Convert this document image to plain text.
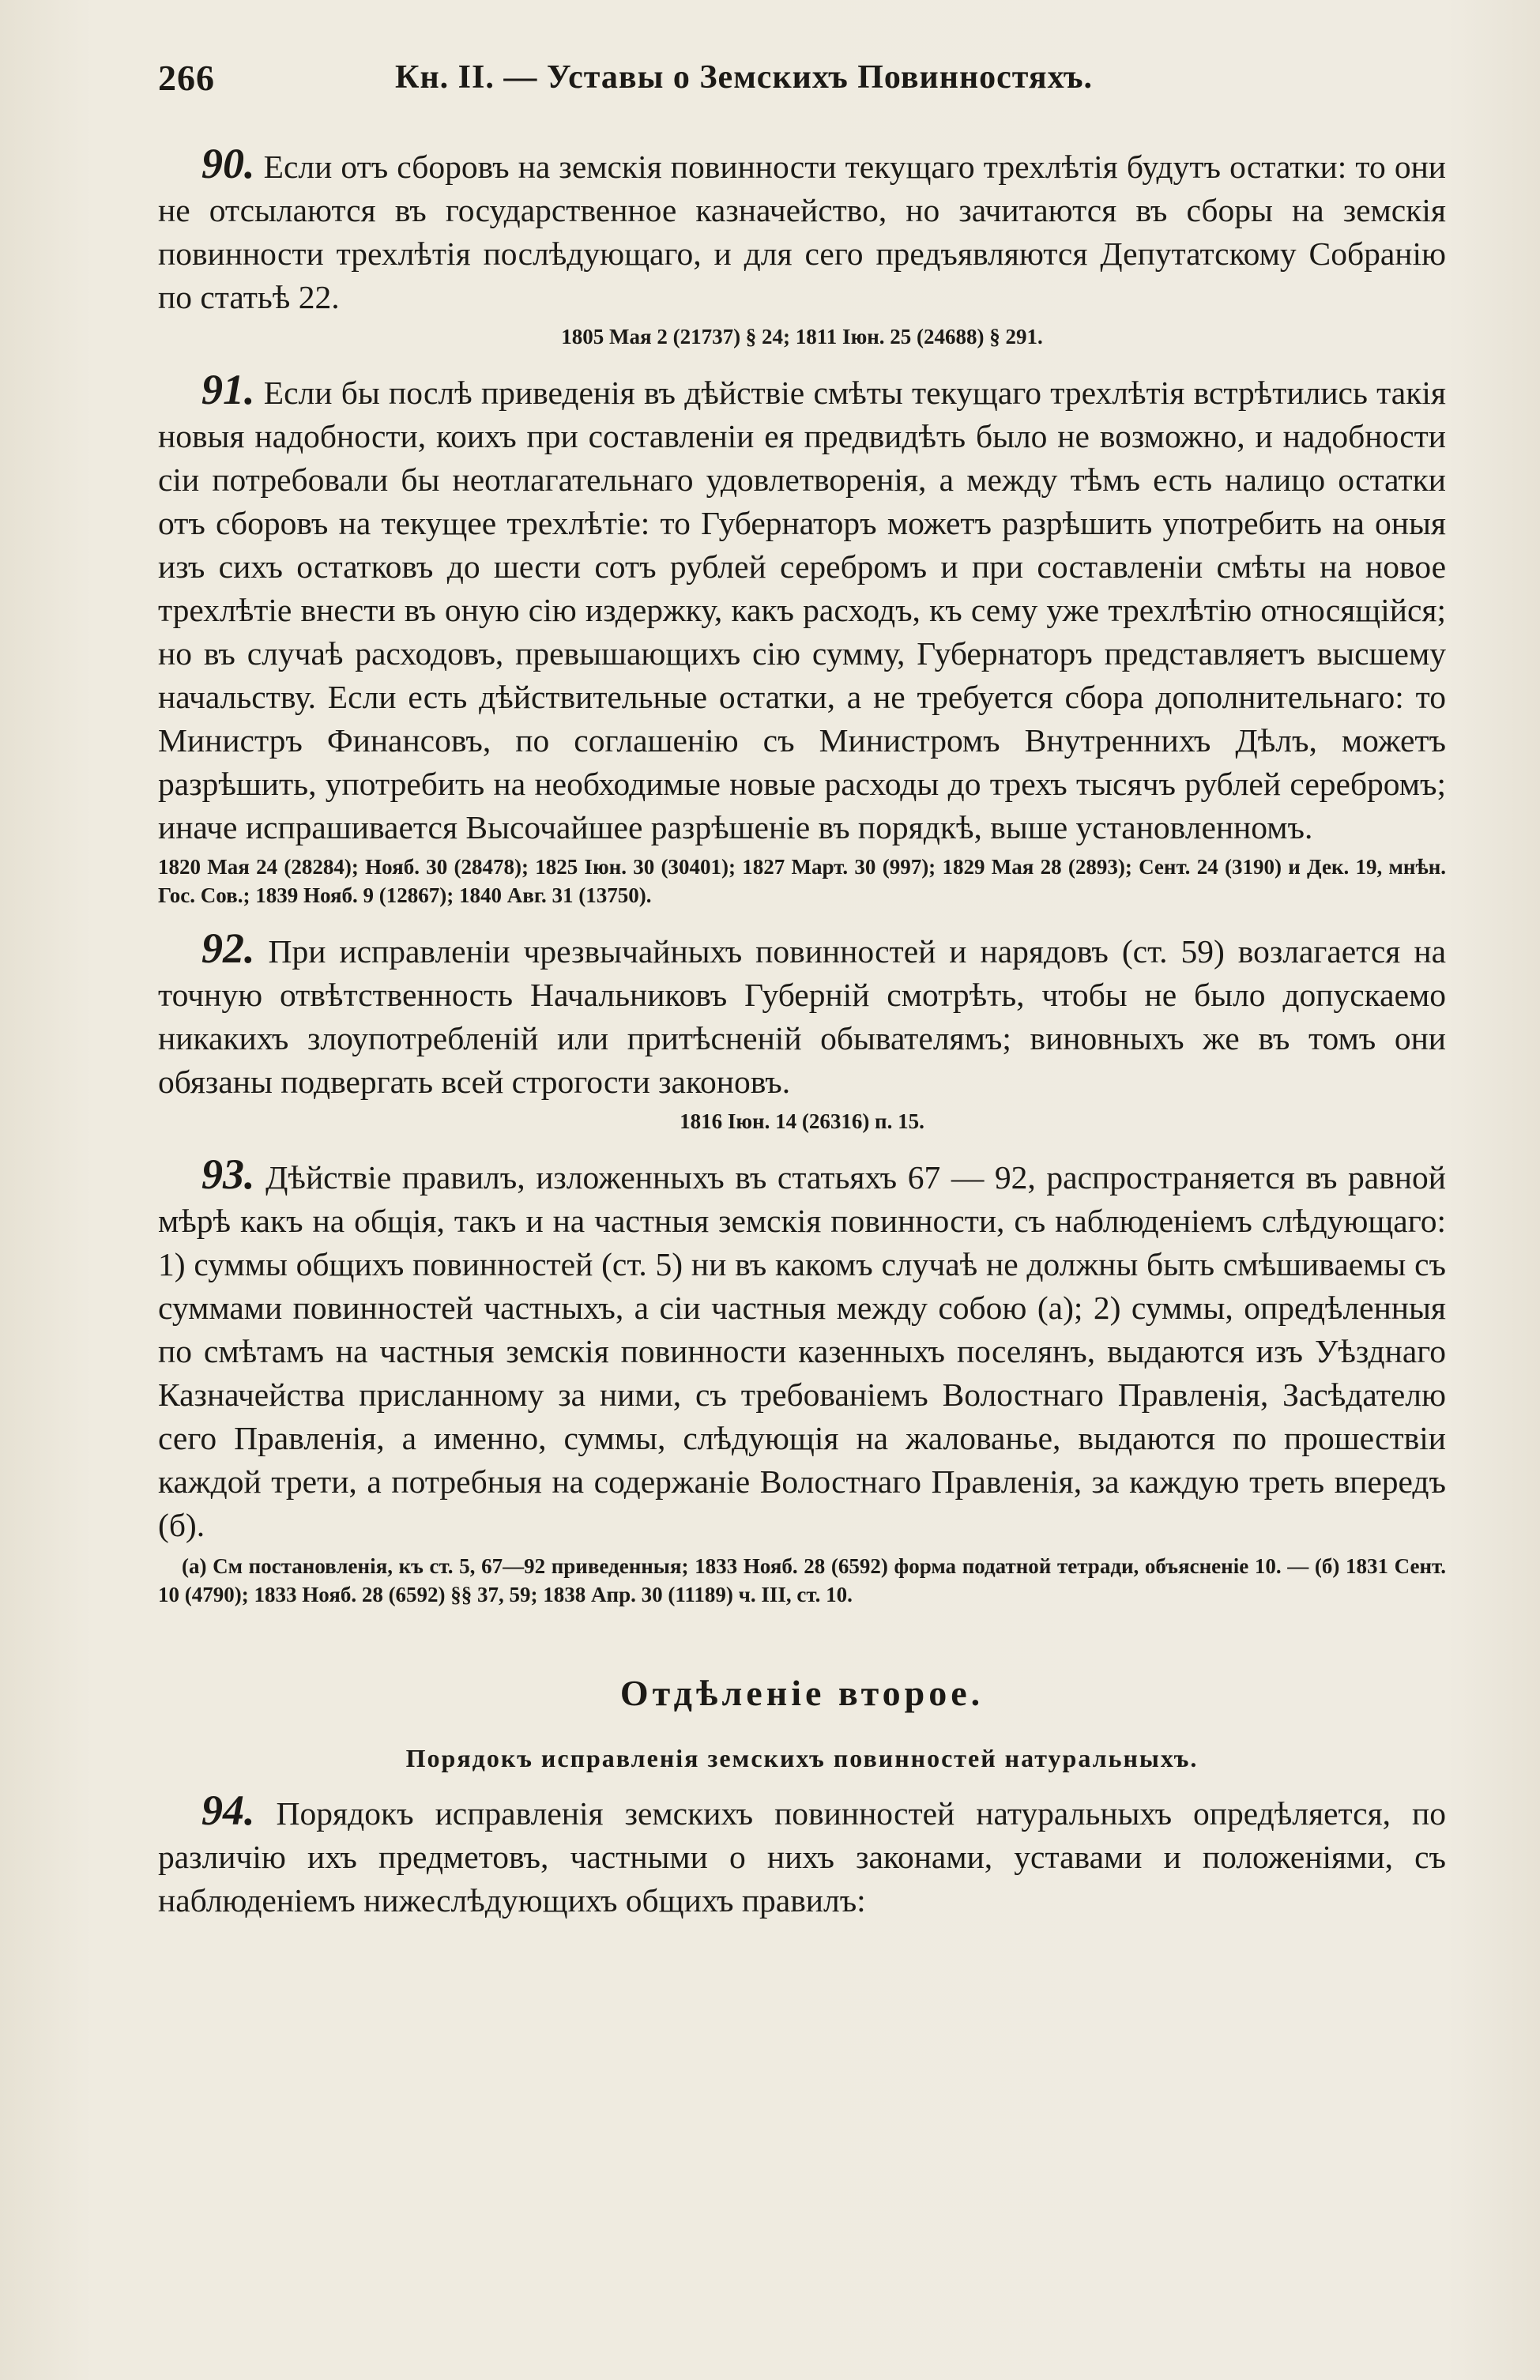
266	Кн. II. — Уставы о Земскихъ Повинностяхъ.

90. Если отъ сборовъ на земскія повинности текущаго трехлѣтія будутъ остатки: то они не отсылаются въ государственное казначейство, но зачитаются въ сборы на земскія повинности трехлѣтія послѣдующаго, и для сего предъявляются Депутатскому Собранію по статьѣ 22.

1805 Мая 2 (21737) § 24; 1811 Іюн. 25 (24688) § 291.

91. Если бы послѣ приведенія въ дѣйствіе смѣты текущаго трехлѣтія встрѣтились такія новыя надобности, коихъ при составленіи ея предвидѣть было не возможно, и надобности сіи потребовали бы неотлагательнаго удовлетворенія, а между тѣмъ есть налицо остатки отъ сборовъ на текущее трехлѣтіе: то Губернаторъ можетъ разрѣшить употребить на оныя изъ сихъ остатковъ до шести сотъ рублей серебромъ и при составленіи смѣты на новое трехлѣтіе внести въ оную сію издержку, какъ расходъ, къ сему уже трехлѣтію относящійся; но въ случаѣ расходовъ, превышающихъ сію сумму, Губернаторъ представляетъ высшему начальству. Если есть дѣйствительные остатки, а не требуется сбора дополнительнаго: то Министръ Финансовъ, по соглашенію съ Министромъ Внутреннихъ Дѣлъ, можетъ разрѣшить, употребить на необходимые новые расходы до трехъ тысячъ рублей серебромъ; иначе испрашивается Высочайшее разрѣшеніе въ порядкѣ, выше установленномъ.

1820 Мая 24 (28284); Нояб. 30 (28478); 1825 Іюн. 30 (30401); 1827 Март. 30 (997); 1829 Мая 28 (2893); Сент. 24 (3190) и Дек. 19, мнѣн. Гос. Сов.; 1839 Нояб. 9 (12867); 1840 Авг. 31 (13750).

92. При исправленіи чрезвычайныхъ повинностей и нарядовъ (ст. 59) возлагается на точную отвѣтственность Начальниковъ Губерній смотрѣть, чтобы не было допускаемо никакихъ злоупотребленій или притѣсненій обывателямъ; виновныхъ же въ томъ они обязаны подвергать всей строгости законовъ.

1816 Іюн. 14 (26316) п. 15.

93. Дѣйствіе правилъ, изложенныхъ въ статьяхъ 67 — 92, распространяется въ равной мѣрѣ какъ на общія, такъ и на частныя земскія повинности, съ наблюденіемъ слѣдующаго: 1) суммы общихъ повинностей (ст. 5) ни въ какомъ случаѣ не должны быть смѣшиваемы съ суммами повинностей частныхъ, а сіи частныя между собою (а); 2) суммы, опредѣленныя по смѣтамъ на частныя земскія повинности казенныхъ поселянъ, выдаются изъ Уѣзднаго Казначейства присланному за ними, съ требованіемъ Волостнаго Правленія, Засѣдателю сего Правленія, а именно, суммы, слѣдующія на жалованье, выдаются по прошествіи каждой трети, а потребныя на содержаніе Волостнаго Правленія, за каждую треть впередъ (б).

(а) См постановленія, къ ст. 5, 67—92 приведенныя; 1833 Нояб. 28 (6592) форма податной тетради, объясненіе 10. — (б) 1831 Сент. 10 (4790); 1833 Нояб. 28 (6592) §§ 37, 59; 1838 Апр. 30 (11189) ч. III, ст. 10.

Отдѣленіе второе.
Порядокъ исправленія земскихъ повинностей натуральныхъ.

94. Порядокъ исправленія земскихъ повинностей натуральныхъ опредѣляется, по различію ихъ предметовъ, частными о нихъ законами, уставами и положеніями, съ наблюденіемъ нижеслѣдующихъ общихъ правилъ:
